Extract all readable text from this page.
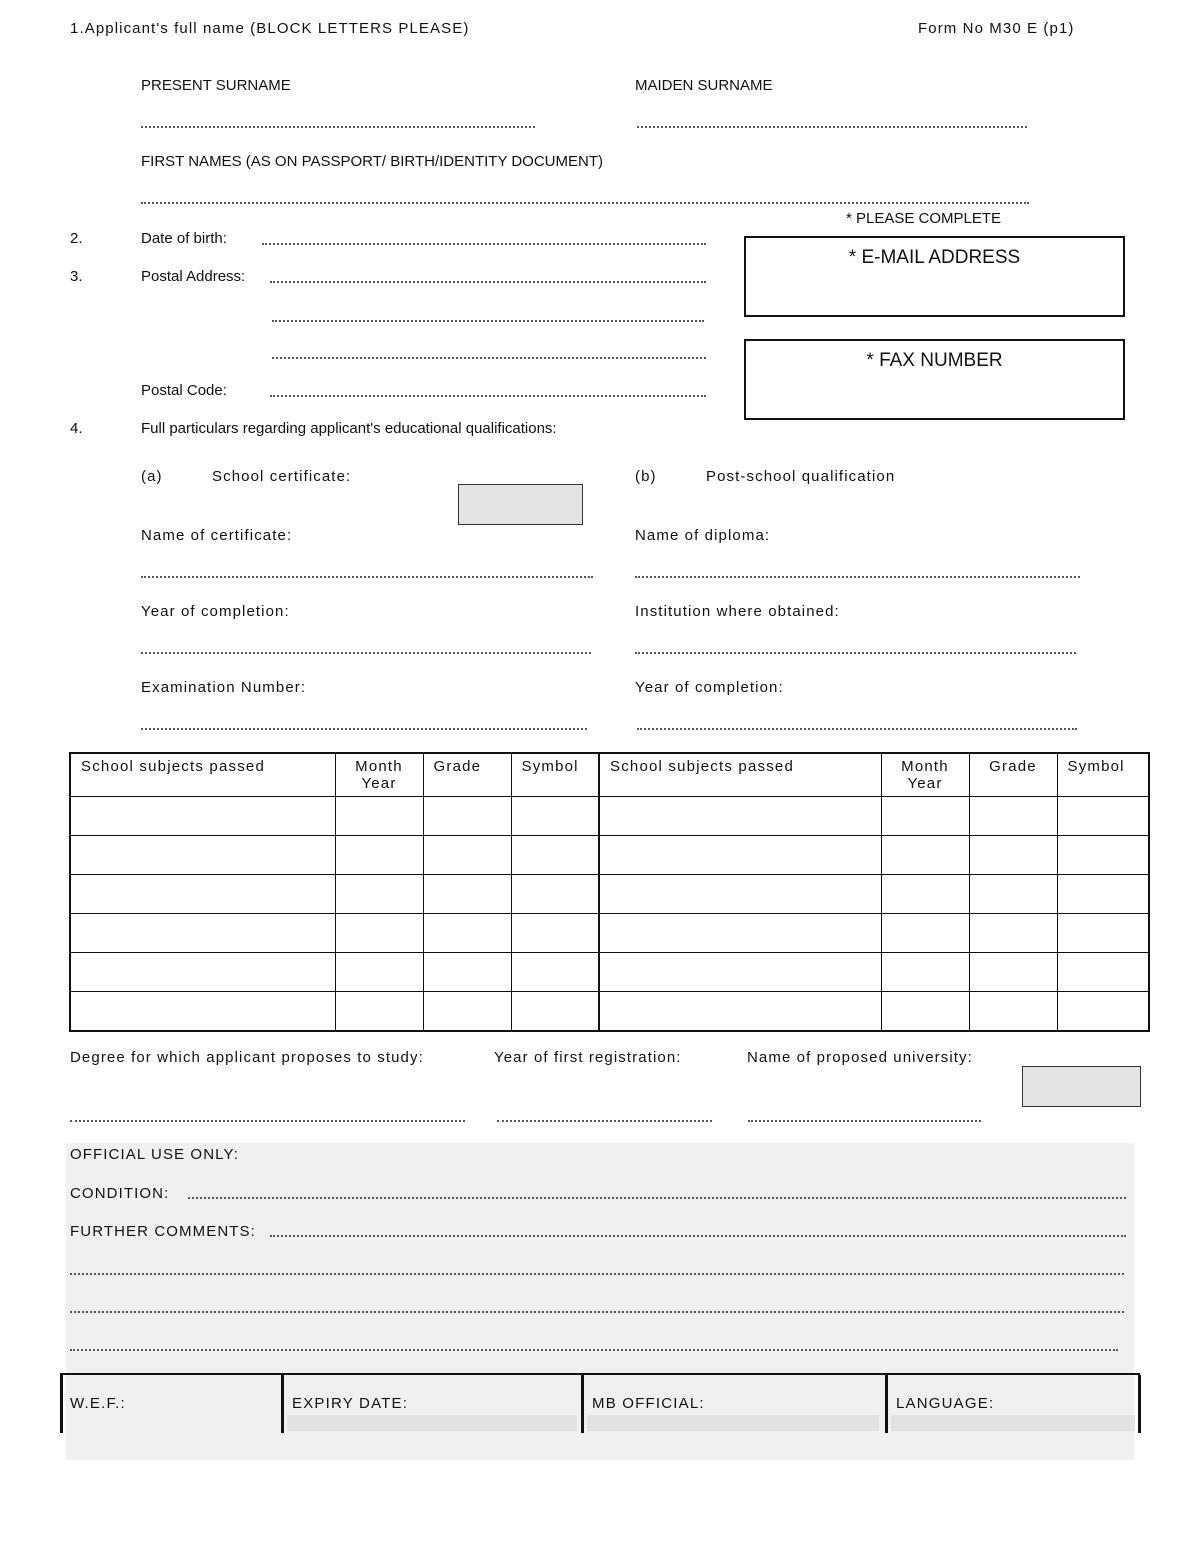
1.Applicant's full name (BLOCK LETTERS PLEASE)	Form No M30 E (p1)
PRESENT SURNAME	MAIDEN SURNAME
FIRST NAMES (AS ON PASSPORT/ BIRTH/IDENTITY DOCUMENT)
* PLEASE COMPLETE
* E-MAIL ADDRESS
* FAX NUMBER
2.	Date of birth:
3.	Postal Address:
Postal Code:
4.	Full particulars regarding applicant's educational qualifications:
(a)	School certificate:	(b)	Post-school qualification
Name of certificate:
Year of completion:
Examination Number:
Name of diploma:
Institution where obtained:
Year of completion:
School subjects passed	Month Year	Grade	Symbol	School subjects passed	Month Year	Grade	Symbol

Degree for which applicant proposes to study:	Year of first registration:	Name of proposed university:
OFFICIAL USE ONLY:
CONDITION:
FURTHER COMMENTS:
W.E.F.:	EXPIRY DATE:	MB OFFICIAL:	LANGUAGE:
